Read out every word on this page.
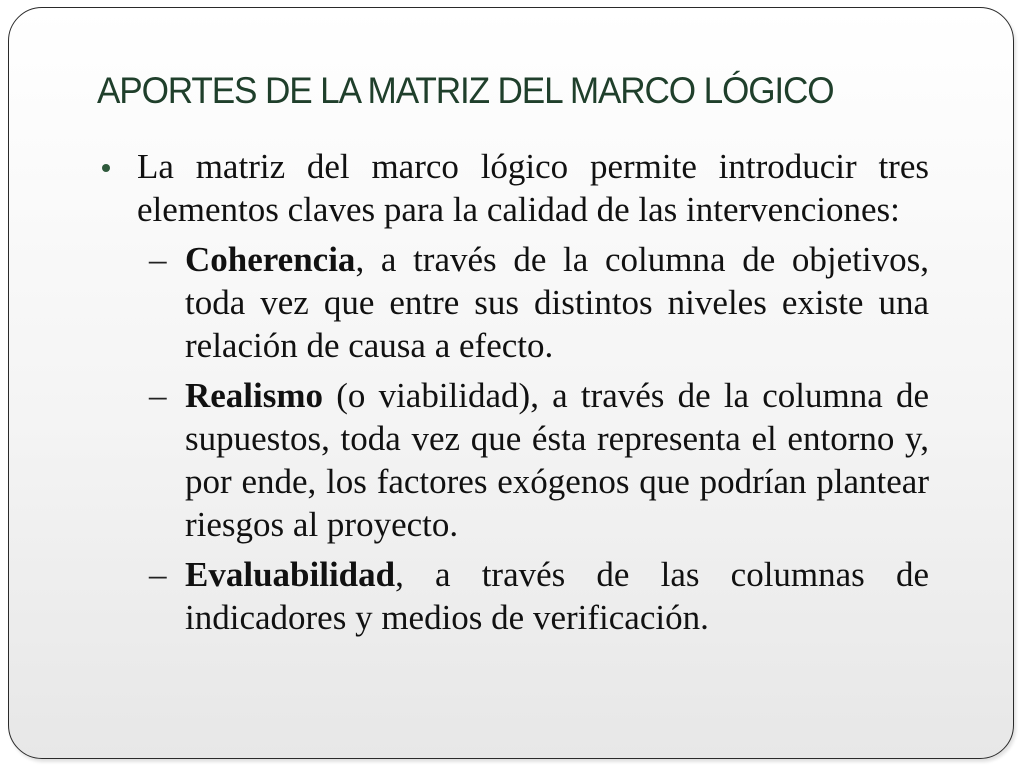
APORTES DE LA MATRIZ DEL MARCO LÓGICO

La matriz del marco lógico permite introducir tres elementos claves para la calidad de las intervenciones:

– Coherencia, a través de la columna de objetivos, toda vez que entre sus distintos niveles existe una relación de causa a efecto.
– Realismo (o viabilidad), a través de la columna de supuestos, toda vez que ésta representa el entorno y, por ende, los factores exógenos que podrían plantear riesgos al proyecto.
– Evaluabilidad, a través de las columnas de indicadores y medios de verificación.
